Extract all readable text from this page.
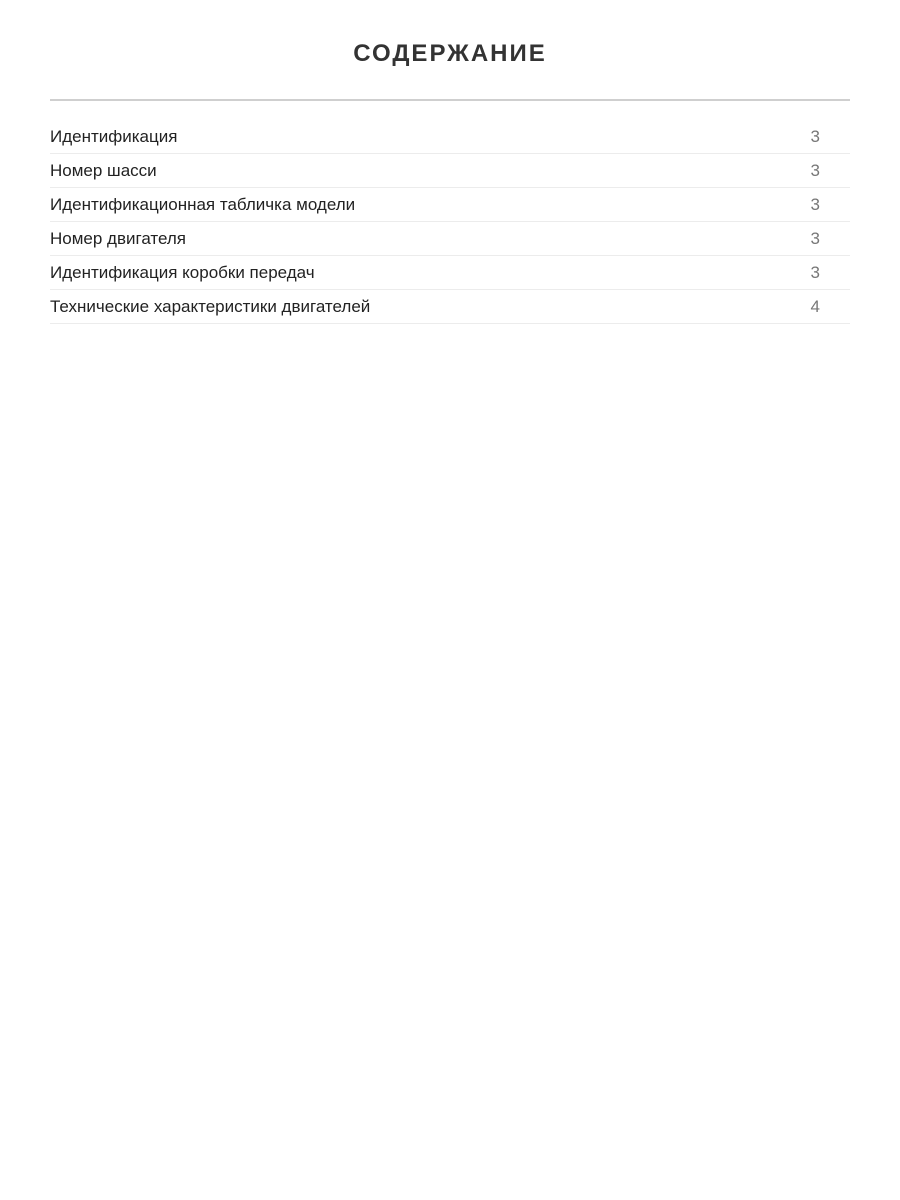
СОДЕРЖАНИЕ
Идентификация	3
Номер шасси	3
Идентификационная табличка модели	3
Номер двигателя	3
Идентификация коробки передач	3
Технические характеристики двигателей	4
